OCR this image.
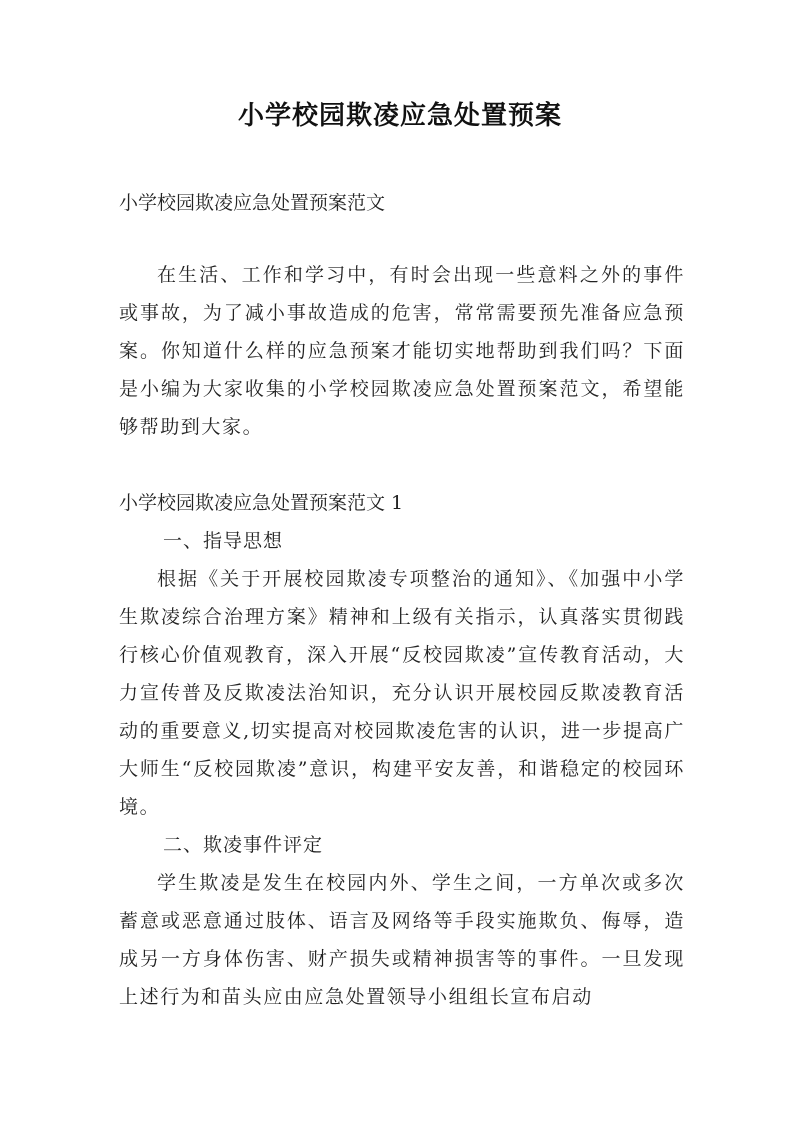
小学校园欺凌应急处置预案

小学校园欺凌应急处置预案范文

在生活、工作和学习中，有时会出现一些意料之外的事件或事故，为了减小事故造成的危害，常常需要预先准备应急预案。你知道什么样的应急预案才能切实地帮助到我们吗？下面是小编为大家收集的小学校园欺凌应急处置预案范文，希望能够帮助到大家。

小学校园欺凌应急处置预案范文 1

一、指导思想

根据《关于开展校园欺凌专项整治的通知》、《加强中小学生欺凌综合治理方案》精神和上级有关指示，认真落实贯彻践行核心价值观教育，深入开展“反校园欺凌”宣传教育活动，大力宣传普及反欺凌法治知识，充分认识开展校园反欺凌教育活动的重要意义,切实提高对校园欺凌危害的认识，进一步提高广大师生“反校园欺凌”意识，构建平安友善，和谐稳定的校园环境。

二、欺凌事件评定

学生欺凌是发生在校园内外、学生之间，一方单次或多次蓄意或恶意通过肢体、语言及网络等手段实施欺负、侮辱，造成另一方身体伤害、财产损失或精神损害等的事件。一旦发现上述行为和苗头应由应急处置领导小组组长宣布启动
